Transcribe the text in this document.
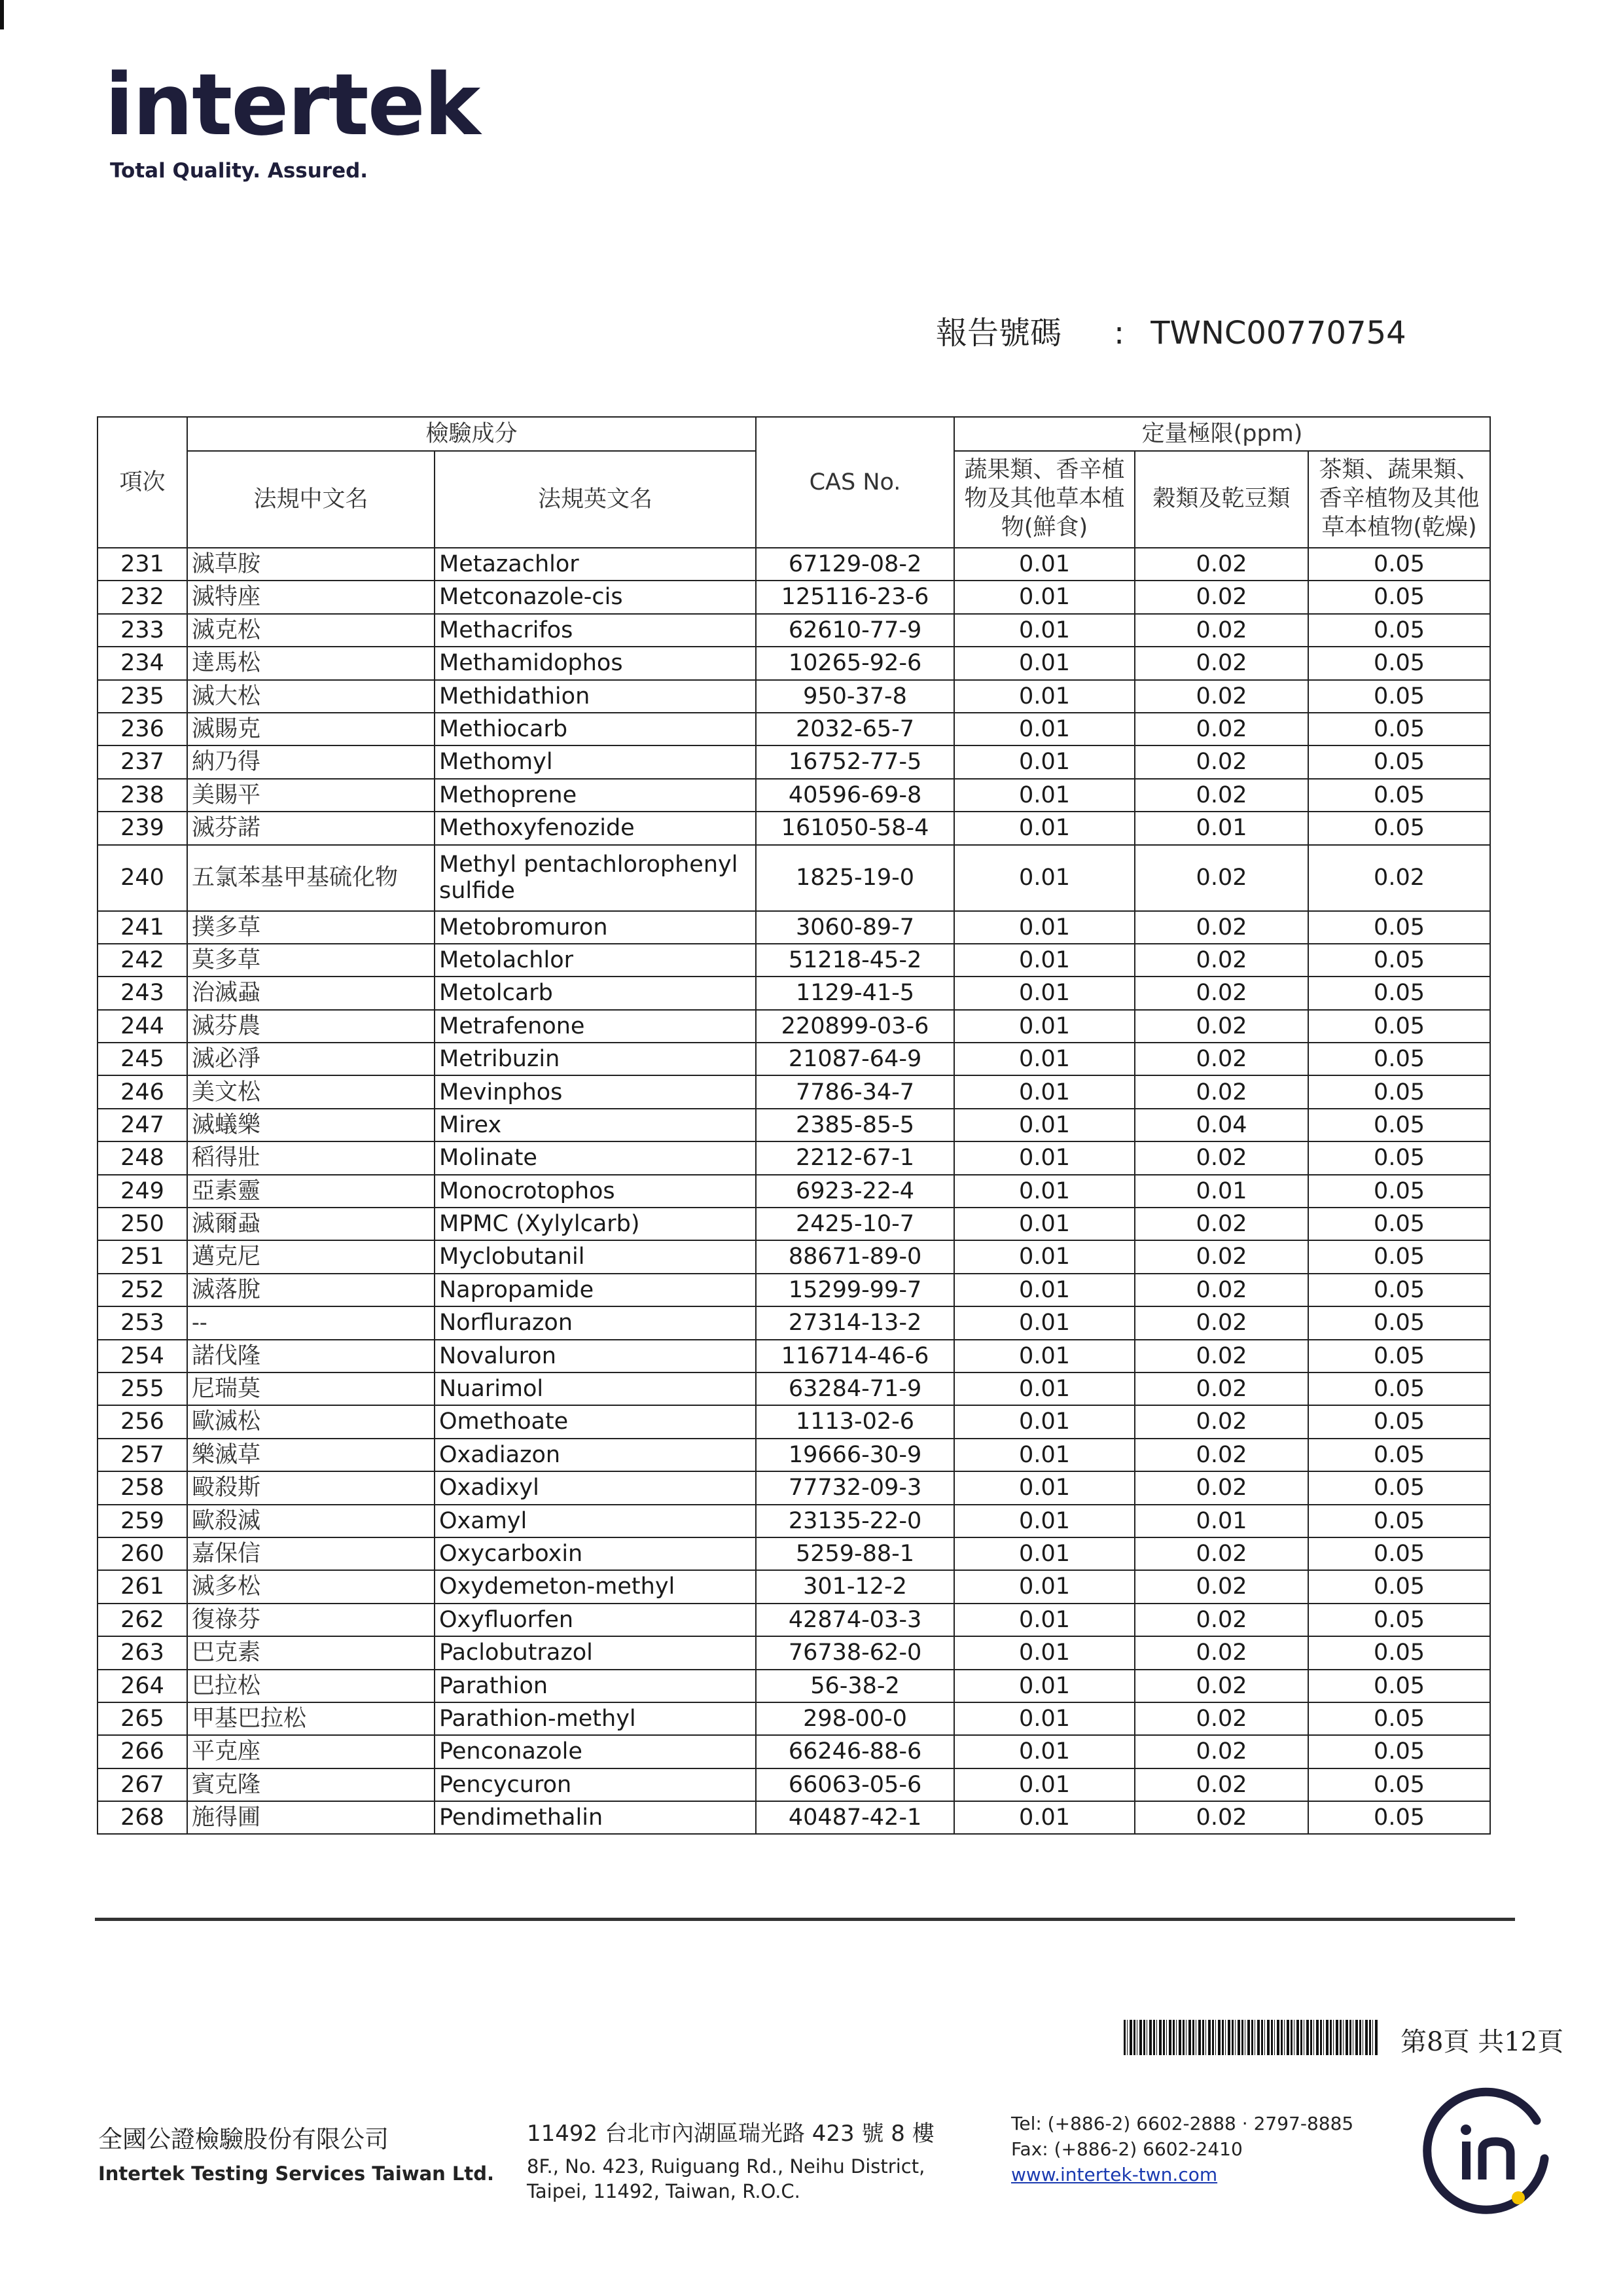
intertek
Total Quality. Assured.
報告號碼 : TWNC00770754
項次	檢驗成分		CAS No.	定量極限(ppm)		
	法規中文名	法規英文名		蔬果類、香辛植物及其他草本植物(鮮食)	穀類及乾豆類	茶類、蔬果類、香辛植物及其他草本植物(乾燥)
231	滅草胺	Metazachlor	67129-08-2	0.01	0.02	0.05
232	滅特座	Metconazole-cis	125116-23-6	0.01	0.02	0.05
233	滅克松	Methacrifos	62610-77-9	0.01	0.02	0.05
234	達馬松	Methamidophos	10265-92-6	0.01	0.02	0.05
235	滅大松	Methidathion	950-37-8	0.01	0.02	0.05
236	滅賜克	Methiocarb	2032-65-7	0.01	0.02	0.05
237	納乃得	Methomyl	16752-77-5	0.01	0.02	0.05
238	美賜平	Methoprene	40596-69-8	0.01	0.02	0.05
239	滅芬諾	Methoxyfenozide	161050-58-4	0.01	0.01	0.05
240	五氯苯基甲基硫化物	Methyl pentachlorophenyl sulfide	1825-19-0	0.01	0.02	0.02
241	撲多草	Metobromuron	3060-89-7	0.01	0.02	0.05
242	莫多草	Metolachlor	51218-45-2	0.01	0.02	0.05
243	治滅蝨	Metolcarb	1129-41-5	0.01	0.02	0.05
244	滅芬農	Metrafenone	220899-03-6	0.01	0.02	0.05
245	滅必淨	Metribuzin	21087-64-9	0.01	0.02	0.05
246	美文松	Mevinphos	7786-34-7	0.01	0.02	0.05
247	滅蟻樂	Mirex	2385-85-5	0.01	0.04	0.05
248	稻得壯	Molinate	2212-67-1	0.01	0.02	0.05
249	亞素靈	Monocrotophos	6923-22-4	0.01	0.01	0.05
250	滅爾蝨	MPMC (Xylylcarb)	2425-10-7	0.01	0.02	0.05
251	邁克尼	Myclobutanil	88671-89-0	0.01	0.02	0.05
252	滅落脫	Napropamide	15299-99-7	0.01	0.02	0.05
253	--	Norflurazon	27314-13-2	0.01	0.02	0.05
254	諾伐隆	Novaluron	116714-46-6	0.01	0.02	0.05
255	尼瑞莫	Nuarimol	63284-71-9	0.01	0.02	0.05
256	歐滅松	Omethoate	1113-02-6	0.01	0.02	0.05
257	樂滅草	Oxadiazon	19666-30-9	0.01	0.02	0.05
258	毆殺斯	Oxadixyl	77732-09-3	0.01	0.02	0.05
259	歐殺滅	Oxamyl	23135-22-0	0.01	0.01	0.05
260	嘉保信	Oxycarboxin	5259-88-1	0.01	0.02	0.05
261	滅多松	Oxydemeton-methyl	301-12-2	0.01	0.02	0.05
262	復祿芬	Oxyfluorfen	42874-03-3	0.01	0.02	0.05
263	巴克素	Paclobutrazol	76738-62-0	0.01	0.02	0.05
264	巴拉松	Parathion	56-38-2	0.01	0.02	0.05
265	甲基巴拉松	Parathion-methyl	298-00-0	0.01	0.02	0.05
266	平克座	Penconazole	66246-88-6	0.01	0.02	0.05
267	賓克隆	Pencycuron	66063-05-6	0.01	0.02	0.05
268	施得圃	Pendimethalin	40487-42-1	0.01	0.02	0.05
第8頁 共12頁
全國公證檢驗股份有限公司
Intertek Testing Services Taiwan Ltd.
11492 台北市內湖區瑞光路 423 號 8 樓
8F., No. 423, Ruiguang Rd., Neihu District,
Taipei, 11492, Taiwan, R.O.C.
Tel: (+886-2) 6602-2888 · 2797-8885
Fax: (+886-2) 6602-2410
www.intertek-twn.com
